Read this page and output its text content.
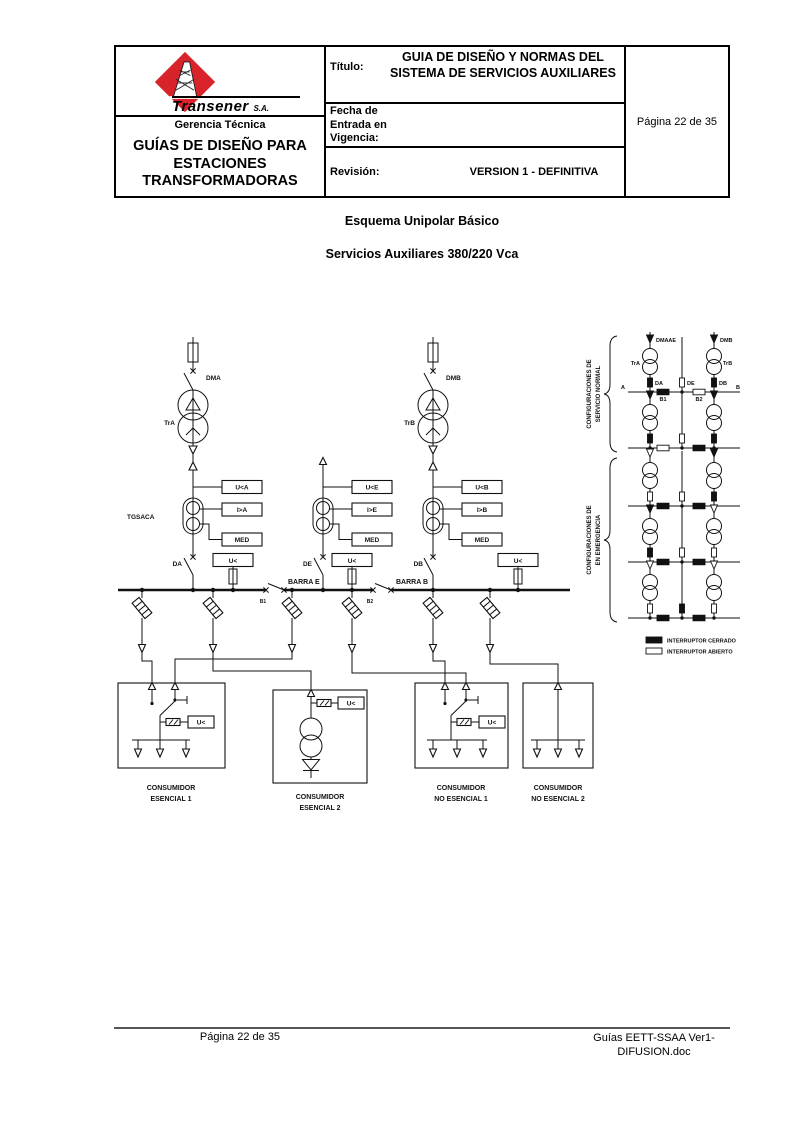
DMA
TrA
U<A
I>A
MED
TGSACA
DA
U<E
I>E
MED
DE
DMB
TrB
U<B
I>B
MED
DB
BARRA E	BARRA B
B1	B2
U<	U<	U<
U<
U<
U<
CONSUMIDOR
ESENCIAL 1	CONSUMIDOR
ESENCIAL 2
CONSUMIDOR
NO ESENCIAL 1
CONSUMIDOR
NO ESENCIAL 2
CONFIGURACIONES DE SERVICIO NORMAL
CONFIGURACIONES DE EN EMERGENCIA
DMA AE	DMB
TrA	TrB
A
DA	DE	DB
B
B1	B2
INTERRUPTOR CERRADO
INTERRUPTOR ABIERTO
Transener S.A.
Gerencia Técnica
GUÍAS DE DISEÑO PARA ESTACIONES TRANSFORMADORAS
Título:
GUIA DE DISEÑO Y NORMAS DEL SISTEMA DE SERVICIOS AUXILIARES
Fecha de Entrada en Vigencia:
Revisión:	VERSION 1 - DEFINITIVA
Página 22 de 35
Esquema Unipolar Básico
Servicios Auxiliares 380/220 Vca
Página 22 de 35	Guías EETT-SSAA Ver1-
DIFUSION.doc
